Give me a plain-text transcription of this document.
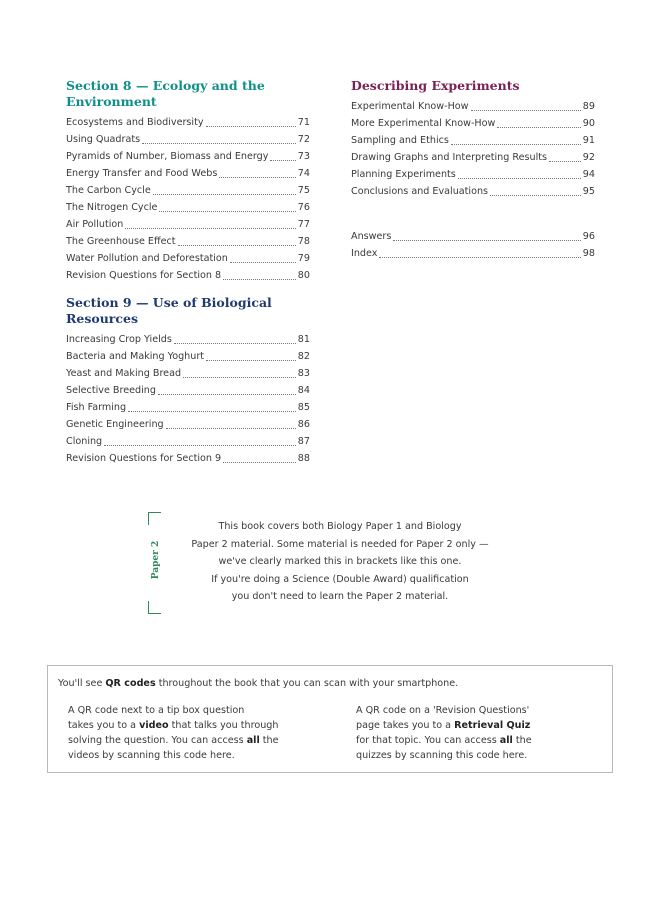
Section 8 — Ecology and the Environment
Ecosystems and Biodiversity	71
Using Quadrats	72
Pyramids of Number, Biomass and Energy	73
Energy Transfer and Food Webs	74
The Carbon Cycle	75
The Nitrogen Cycle	76
Air Pollution	77
The Greenhouse Effect	78
Water Pollution and Deforestation	79
Revision Questions for Section 8	80
Section 9 — Use of Biological Resources
Increasing Crop Yields	81
Bacteria and Making Yoghurt	82
Yeast and Making Bread	83
Selective Breeding	84
Fish Farming	85
Genetic Engineering	86
Cloning	87
Revision Questions for Section 9	88
Describing Experiments
Experimental Know-How	89
More Experimental Know-How	90
Sampling and Ethics	91
Drawing Graphs and Interpreting Results	92
Planning Experiments	94
Conclusions and Evaluations	95
Answers	96
Index	98
Paper 2
This book covers both Biology Paper 1 and Biology
Paper 2 material. Some material is needed for Paper 2 only —
we've clearly marked this in brackets like this one.
If you're doing a Science (Double Award) qualification
you don't need to learn the Paper 2 material.
You'll see QR codes throughout the book that you can scan with your smartphone.
A QR code next to a tip box question
takes you to a video that talks you through
solving the question. You can access all the
videos by scanning this code here.
A QR code on a 'Revision Questions'
page takes you to a Retrieval Quiz
for that topic. You can access all the
quizzes by scanning this code here.
